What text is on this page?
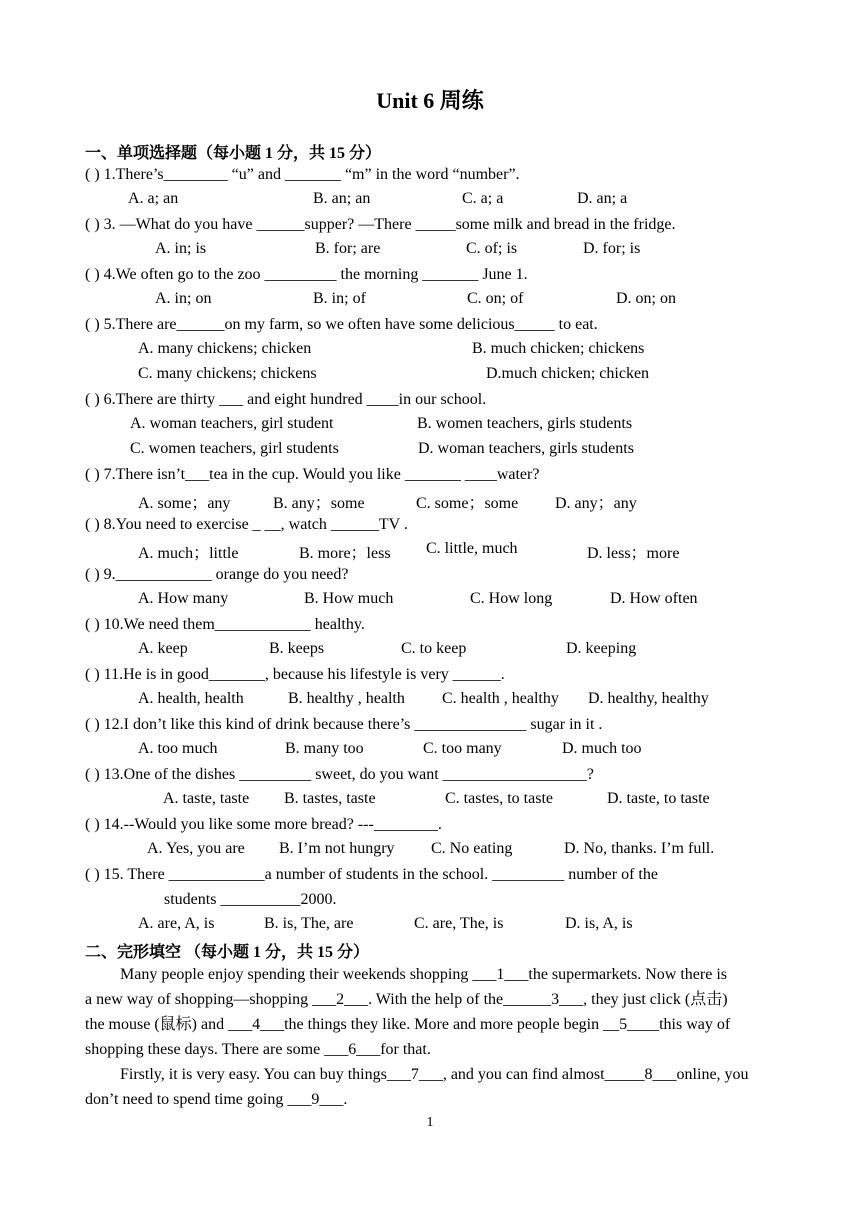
Unit 6 周练
一、单项选择题（每小题 1 分，共 15 分）
( ) 1.There’s________ “u” and _______ “m” in the word “number”.
A. a; an	B. an; an	C. a; a	D. an; a
( ) 3. —What do you have ______supper? —There _____some milk and bread in the fridge.
A. in; is	B. for; are	C. of; is	D. for; is
( ) 4.We often go to the zoo _________ the morning _______ June 1.
A. in; on	B. in; of	C. on; of	D. on; on
( ) 5.There are______on my farm, so we often have some delicious_____ to eat.
A. many chickens; chicken	B. much chicken; chickens
C. many chickens; chickens	D.much chicken; chicken
( ) 6.There are thirty ___ and eight hundred ____in our school.
A. woman teachers, girl student	B. women teachers, girls students
C. women teachers, girl students	D. woman teachers, girls students
( ) 7.There isn’t___tea in the cup. Would you like _______ ____water?
A. some；any	B. any；some	C. some；some D. any；any
( ) 8.You need to exercise _ __, watch ______TV .
A. much；little	B. more；less C. little, much	D. less；more
( ) 9.____________ orange do you need?
A. How many	B. How much	C. How long	D. How often
( ) 10.We need them____________ healthy.
A. keep	B. keeps	C. to keep	D. keeping
( ) 11.He is in good_______, because his lifestyle is very ______.
A. health, health	B. healthy , health C. health , healthy D. healthy, healthy
( ) 12.I don’t like this kind of drink because there’s ______________ sugar in it .
A. too much	B. many too	C. too many	D. much too
( ) 13.One of the dishes _________ sweet, do you want __________________?
A. taste, taste B. tastes, taste	C. tastes, to taste	D. taste, to taste
( ) 14.--Would you like some more bread? ---________.
A. Yes, you are B. I’m not hungry C. No eating	D. No, thanks. I’m full.
( ) 15. There ____________a number of students in the school. _________ number of the
students __________2000.
A. are, A, is	B. is, The, are	C. are, The, is	D. is, A, is
二、完形填空 （每小题 1 分，共 15 分）
Many people enjoy spending their weekends shopping ___1___the supermarkets. Now there is
a new way of shopping—shopping ___2___. With the help of the______3___, they just click (点击)
the mouse (鼠标) and ___4___the things they like. More and more people begin __5____this way of
shopping these days. There are some ___6___for that.
Firstly, it is very easy. You can buy things___7___, and you can find almost_____8___online, you
don’t need to spend time going ___9___.
1
